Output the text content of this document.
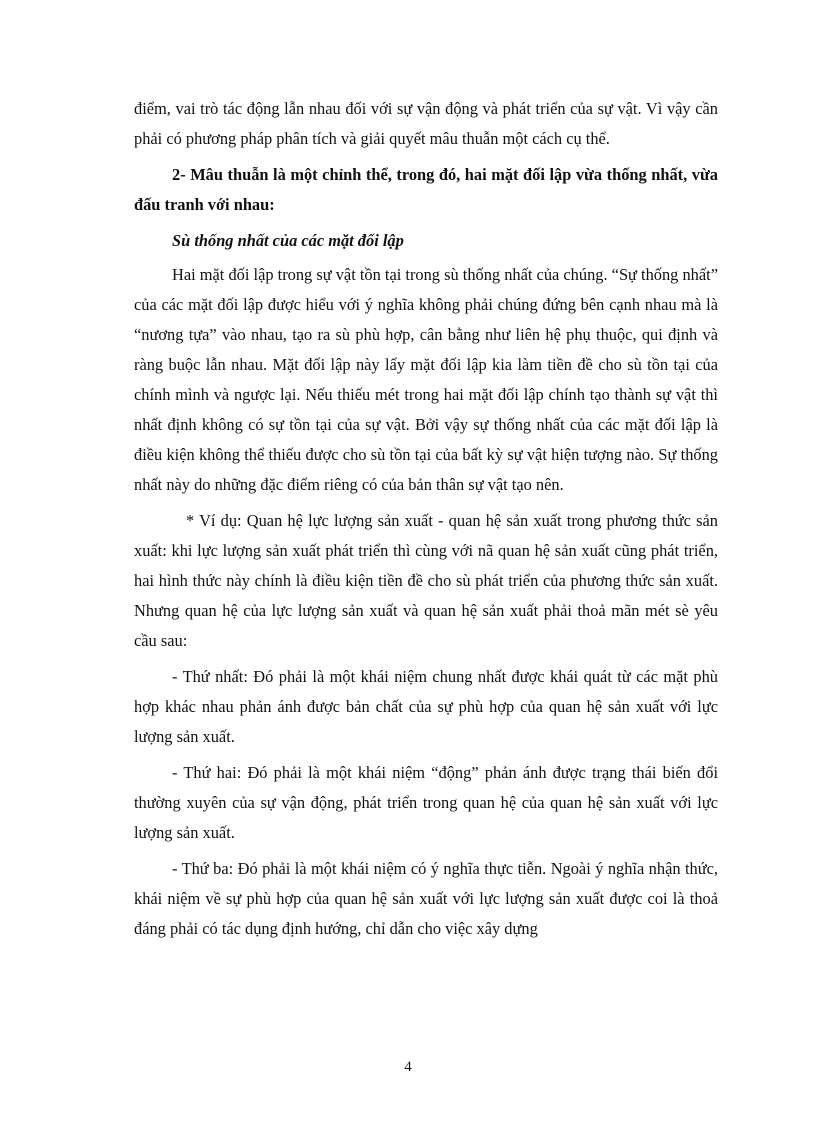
điểm, vai trò tác động lẫn nhau đối với sự vận động và phát triển của sự vật. Vì vậy cần phải có phương pháp phân tích và giải quyết mâu thuẫn một cách cụ thể.

2- Mâu thuẫn là một chỉnh thể, trong đó, hai mặt đối lập vừa thống nhất, vừa đấu tranh với nhau:

Sù thống nhất của các mặt đối lập

Hai mặt đối lập trong sự vật tồn tại trong sù thống nhất của chúng. “Sự thống nhất” của các mặt đối lập được hiểu với ý nghĩa không phải chúng đứng bên cạnh nhau mà là “nương tựa” vào nhau, tạo ra sù phù hợp, cân bằng như liên hệ phụ thuộc, qui định và ràng buộc lẫn nhau. Mặt đối lập này lấy mặt đối lập kia làm tiền đề cho sù tồn tại của chính mình và ngược lại. Nếu thiếu mét trong hai mặt đối lập chính tạo thành sự vật thì nhất định không có sự tồn tại của sự vật. Bởi vậy sự thống nhất của các mặt đối lập là điều kiện không thể thiếu được cho sù tồn tại của bất kỳ sự vật hiện tượng nào. Sự thống nhất này do những đặc điểm riêng có của bản thân sự vật tạo nên.

* Ví dụ: Quan hệ lực lượng sản xuất - quan hệ sản xuất trong phương thức sản xuất: khi lực lượng sản xuất phát triển thì cùng với nã quan hệ sản xuất cũng phát triển, hai hình thức này chính là điều kiện tiền đề cho sù phát triển của phương thức sản xuất. Nhưng quan hệ của lực lượng sản xuất và quan hệ sản xuất phải thoả mãn mét sè yêu cầu sau:

- Thứ nhất: Đó phải là một khái niệm chung nhất được khái quát từ các mặt phù hợp khác nhau phản ánh được bản chất của sự phù hợp của quan hệ sản xuất với lực lượng sản xuất.

- Thứ hai: Đó phải là một khái niệm “động” phản ánh được trạng thái biến đổi thường xuyên của sự vận động, phát triển trong quan hệ của quan hệ sản xuất với lực lượng sản xuất.

- Thứ ba: Đó phải là một khái niệm có ý nghĩa thực tiễn. Ngoài ý nghĩa nhận thức, khái niệm về sự phù hợp của quan hệ sản xuất với lực lượng sản xuất được coi là thoả đáng phải có tác dụng định hướng, chỉ dẫn cho việc xây dựng

4
